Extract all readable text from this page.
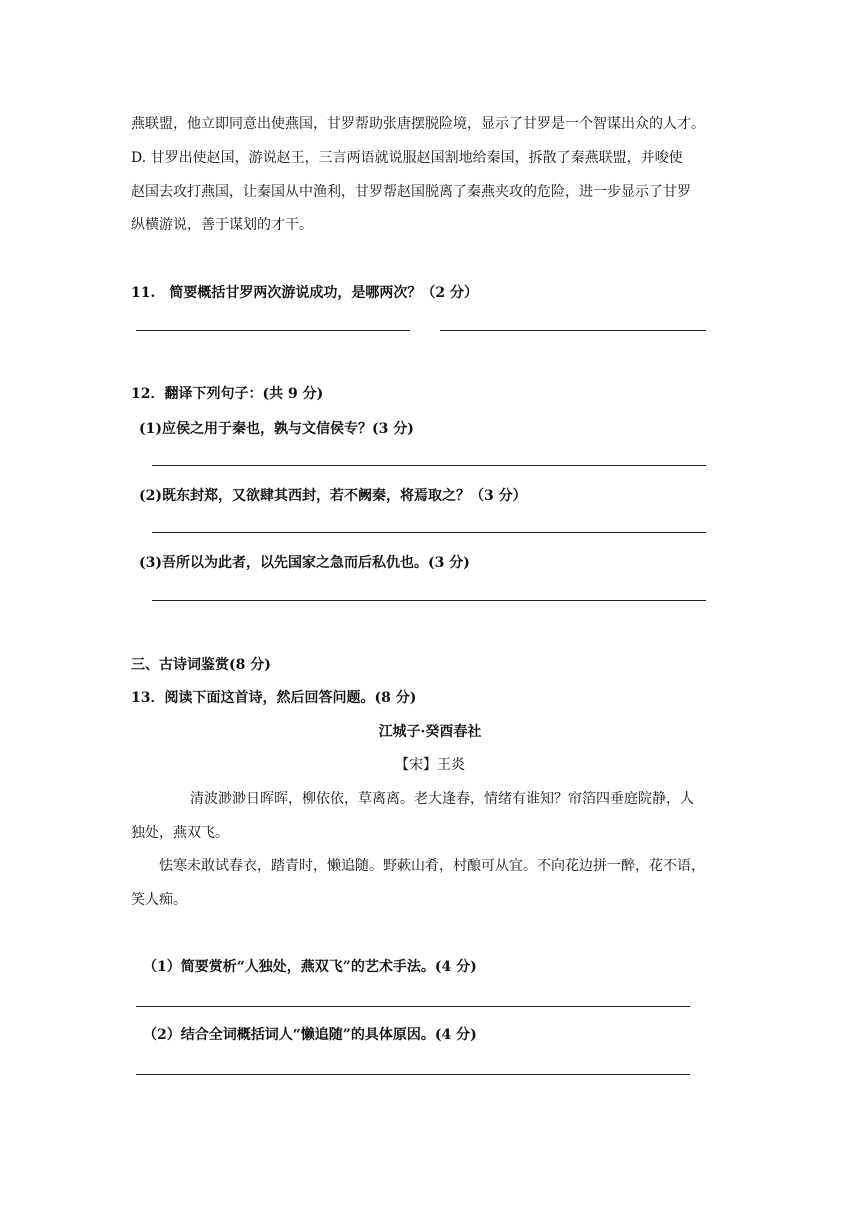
燕联盟，他立即同意出使燕国，甘罗帮助张唐摆脱险境，显示了甘罗是一个智谋出众的人才。
D. 甘罗出使赵国，游说赵王，三言两语就说服赵国割地给秦国，拆散了秦燕联盟，并唆使
赵国去攻打燕国，让秦国从中渔利，甘罗帮赵国脱离了秦燕夹攻的危险，进一步显示了甘罗
纵横游说，善于谋划的才干。
11.　简要概括甘罗两次游说成功，是哪两次？（2 分）
12．翻译下列句子：(共 9 分)
(1)应侯之用于秦也，孰与文信侯专？(3 分)
(2)既东封郑，又欲肆其西封，若不阙秦，将焉取之？（3 分）
(3)吾所以为此者，以先国家之急而后私仇也。(3 分)
三、古诗词鉴赏(8 分)
13．阅读下面这首诗，然后回答问题。(8 分)
江城子·癸酉春社
【宋】王炎
清波渺渺日晖晖，柳依依，草离离。老大逢春，情绪有谁知？帘箔四垂庭院静，人
独处，燕双飞。
怯寒未敢试春衣，踏青时，懒追随。野蔌山肴，村酿可从宜。不向花边拼一醉，花不语，
笑人痴。
（1）简要赏析“人独处，燕双飞”的艺术手法。(4 分)
（2）结合全词概括词人“懒追随”的具体原因。(4 分)
